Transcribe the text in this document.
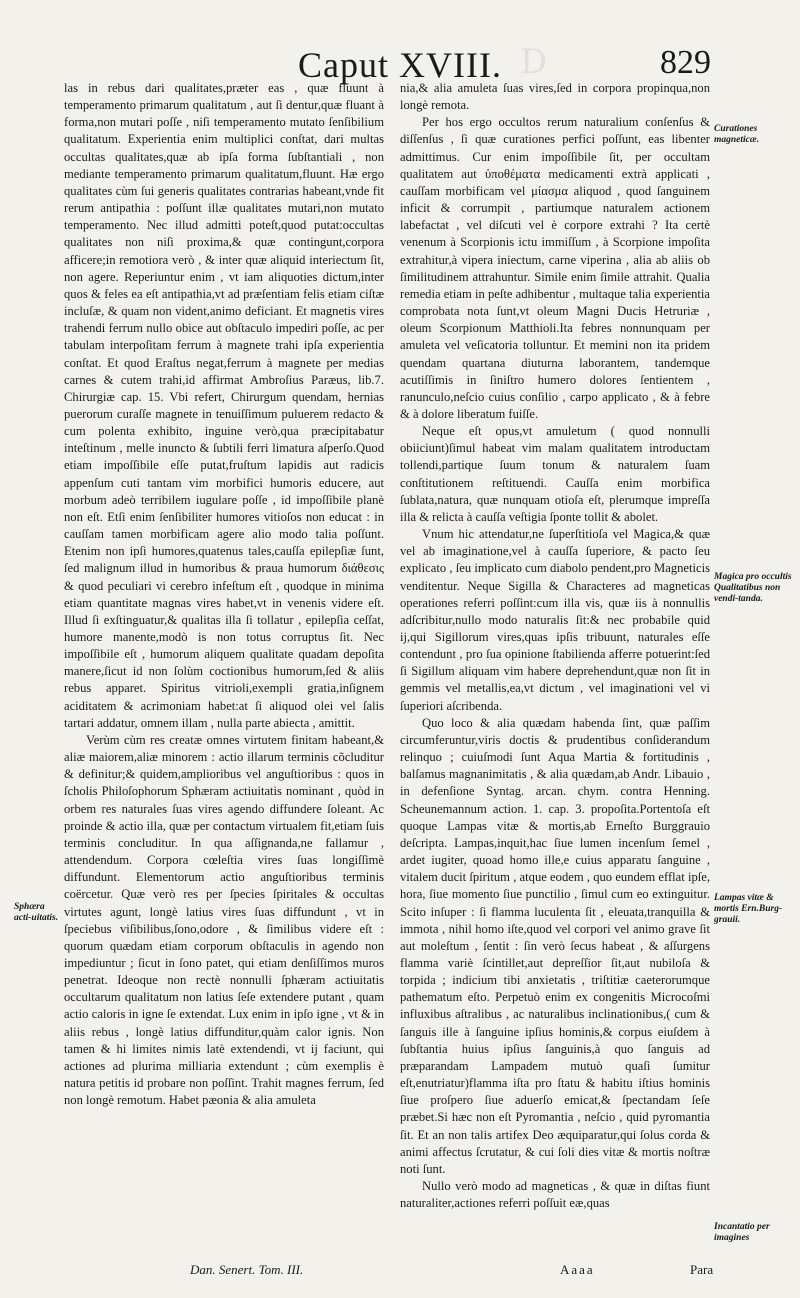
D
Caput XVIII.	829

las in rebus dari qualitates,præter eas , quæ fluunt à temperamento primarum qualitatum , aut ſi dentur,quæ fluant à forma,non mutari poſſe , niſi temperamento mutato ſenſibilium qualitatum. Experientia enim multiplici conſtat, dari multas occultas qualitates,quæ ab ipſa forma ſubſtantiali , non mediante temperamento primarum qualitatum,fluunt. Hæ ergo qualitates cùm ſui generis qualitates contrarias habeant,vnde fit rerum antipathia : poſſunt illæ qualitates mutari,non mutato temperamento. Nec illud admitti poteſt,quod putat:occultas qualitates non niſi proxima,& quæ contingunt,corpora afficere;in remotiora verò , & inter quæ aliquid interiectum ſit, non agere. Reperiuntur enim , vt iam aliquoties dictum,inter quos & feles ea eſt antipathia,vt ad præſentiam felis etiam ciſtæ incluſæ, & quam non vident,animo deficiant. Et magnetis vires trahendi ferrum nullo obice aut obſtaculo impediri poſſe, ac per tabulam interpoſitam ferrum à magnete trahi ipſa experientia conſtat. Et quod Eraſtus negat,ferrum à magnete per medias carnes & cutem trahi,id affirmat Ambroſius Paræus, lib.7. Chirurgiæ cap. 15. Vbi refert, Chirurgum quendam, hernias puerorum curaſſe magnete in tenuiſſimum puluerem redacto & cum polenta exhibito, inguine verò,qua præcipitabatur inteſtinum , melle inuncto & ſubtili ferri limatura aſperſo.Quod etiam impoſſibile eſſe putat,fruſtum lapidis aut radicis appenſum cuti tantam vim morbifici humoris educere, aut morbum adeò terribilem iugulare poſſe , id impoſſibile planè non eſt. Etſi enim ſenſibiliter humores vitioſos non educat : in cauſſam tamen morbificam agere alio modo talia poſſunt. Etenim non ipſi humores,quatenus tales,cauſſa epilepſiæ ſunt, ſed malignum illud in humoribus & praua humorum διάθεσις & quod peculiari vi cerebro infeſtum eſt , quodque in minima etiam quantitate magnas vires habet,vt in venenis videre eſt. Illud ſi exſtinguatur,& qualitas illa ſi tollatur , epilepſia ceſſat, humore manente,modò is non totus corruptus ſit. Nec impoſſibile eſt , humorum aliquem qualitate quadam depoſita manere,ſicut id non ſolùm coctionibus humorum,ſed & aliis rebus apparet. Spiritus vitrioli,exempli gratia,inſignem aciditatem & acrimoniam habet:at ſi aliquod olei vel ſalis tartari addatur, omnem illam , nulla parte abiecta , amittit.

Verùm cùm res creatæ omnes virtutem finitam habeant,& aliæ maiorem,aliæ minorem : actio illarum terminis cõcluditur & definitur;& quidem,amplioribus vel anguſtioribus : quos in ſcholis Philoſophorum Sphæram actiuitatis nominant , quòd in orbem res naturales ſuas vires agendo diffundere ſoleant. Ac proinde & actio illa, quæ per contactum virtualem fit,etiam ſuis terminis concluditur. In qua aſſignanda,ne fallamur , attendendum. Corpora cœleſtia vires ſuas longiſſimè diffundunt. Elementorum actio anguſtioribus terminis coërcetur. Quæ verò res per ſpecies ſpiritales & occultas virtutes agunt, longè latius vires ſuas diffundunt , vt in ſpeciebus viſibilibus,ſono,odore , & ſimilibus videre eſt : quorum quædam etiam corporum obſtaculis in agendo non impediuntur ; ſicut in ſono patet, qui etiam denſiſſimos muros penetrat. Ideoque non rectè nonnulli ſphæram actiuitatis occultarum qualitatum non latius ſeſe extendere putant , quam actio caloris in igne ſe extendat. Lux enim in ipſo igne , vt & in aliis rebus , longè latius diffunditur,quàm calor ignis. Non tamen & hi limites nimis latè extendendi, vt ij faciunt, qui actiones ad plurima milliaria extendunt ; cùm exemplis è natura petitis id probare non poſſint. Trahit magnes ferrum, ſed non longè remotum. Habet pæonia & alia amuleta

nia,& alia amuleta ſuas vires,ſed in corpora propinqua,non longè remota.

Per hos ergo occultos rerum naturalium conſenſus & diſſenſus , ſi quæ curationes perfici poſſunt, eas libenter admittimus. Cur enim impoſſibile ſit, per occultam qualitatem aut ὑποθέματα medicamenti extrà applicati , cauſſam morbificam vel μίασμα aliquod , quod ſanguinem inficit & corrumpit , partiumque naturalem actionem labefactat , vel diſcuti vel è corpore extrahi ? Ita certè venenum à Scorpionis ictu immiſſum , à Scorpione impoſita extrahitur,à vipera iniectum, carne viperina , alia ab aliis ob ſimilitudinem attrahuntur. Simile enim ſimile attrahit. Qualia remedia etiam in peſte adhibentur , multaque talia experientia comprobata nota ſunt,vt oleum Magni Ducis Hetruriæ , oleum Scorpionum Matthioli.Ita febres nonnunquam per amuleta vel veſicatoria tolluntur. Et memini non ita pridem quendam quartana diuturna laborantem, tandemque acutiſſimis in ſiniſtro humero dolores ſentientem , ranunculo,neſcio cuius conſilio , carpo applicato , & à febre & à dolore liberatum fuiſſe.

Neque eſt opus,vt amuletum ( quod nonnulli obiiciunt)ſimul habeat vim malam qualitatem introductam tollendi,partique ſuum tonum & naturalem ſuam conſtitutionem reſtituendi. Cauſſa enim morbifica ſublata,natura, quæ nunquam otioſa eſt, plerumque impreſſa illa & relicta à cauſſa veſtigia ſponte tollit & abolet.

Vnum hic attendatur,ne ſuperſtitioſa vel Magica,& quæ vel ab imaginatione,vel à cauſſa ſuperiore, & pacto ſeu explicato , ſeu implicato cum diabolo pendent,pro Magneticis venditentur. Neque Sigilla & Characteres ad magneticas operationes referri poſſint:cum illa vis, quæ iis à nonnullis adſcribitur,nullo modo naturalis ſit:& nec probabile quid ij,qui Sigillorum vires,quas ipſis tribuunt, naturales eſſe contendunt , pro ſua opinione ſtabilienda afferre potuerint:ſed ſi Sigillum aliquam vim habere deprehendunt,quæ non ſit in gemmis vel metallis,ea,vt dictum , vel imaginationi vel vi ſuperiori aſcribenda.

Quo loco & alia quædam habenda ſint, quæ paſſim circumferuntur,viris doctis & prudentibus conſiderandum relinquo ; cuiuſmodi ſunt Aqua Martia & fortitudinis , balſamus magnanimitatis , & alia quædam,ab Andr. Libauio , in defenſione Syntag. arcan. chym. contra Henning. Scheunemannum action. 1. cap. 3. propoſita.Portentoſa eſt quoque Lampas vitæ & mortis,ab Erneſto Burggrauio deſcripta. Lampas,inquit,hac ſiue lumen incenſum ſemel , ardet iugiter, quoad homo ille,e cuius apparatu ſanguine , vitalem ducit ſpiritum , atque eodem , quo eundem efflat ipſe, hora, ſiue momento ſiue punctilio , ſimul cum eo extinguitur. Scito inſuper : ſi flamma luculenta ſit , eleuata,tranquilla & immota , nihil homo iſte,quod vel corpori vel animo grave ſit aut moleſtum , ſentit : ſin verò ſecus habeat , & aſſurgens flamma variè ſcintillet,aut depreſſior ſit,aut nubiloſa & torpida ; indicium tibi anxietatis , triſtitiæ caeterorumque pathematum eſto. Perpetuò enim ex congenitis Microcoſmi influxibus aſtralibus , ac naturalibus inclinationibus,( cum & ſanguis ille à ſanguine ipſius hominis,& corpus eiuſdem à ſubſtantia huius ipſius ſanguinis,à quo ſanguis ad præparandam Lampadem mutuò quaſi ſumitur eſt,enutriatur)flamma iſta pro ſtatu & habitu iſtius hominis ſiue proſpero ſiue aduerſo emicat,& ſpectandam ſeſe præbet.Si hæc non eſt Pyromantia , neſcio , quid pyromantia ſit. Et an non talis artifex Deo æquiparatur,qui ſolus corda & animi affectus ſcrutatur, & cui ſoli dies vitæ & mortis noſtræ noti ſunt.

Nullo verò modo ad magneticas , & quæ in diſtas fiunt naturaliter,actiones referri poſſuit eæ,quas

Curationes magneticæ.
Magica pro occultis Qualitatibus non vendi-tanda.
Sphæra acti-uitatis.
Lampas vitæ & mortis Ern.Burg-grauii.
Incantatio per imagines
Dan. Senert. Tom. III.	Aaaa	Para
